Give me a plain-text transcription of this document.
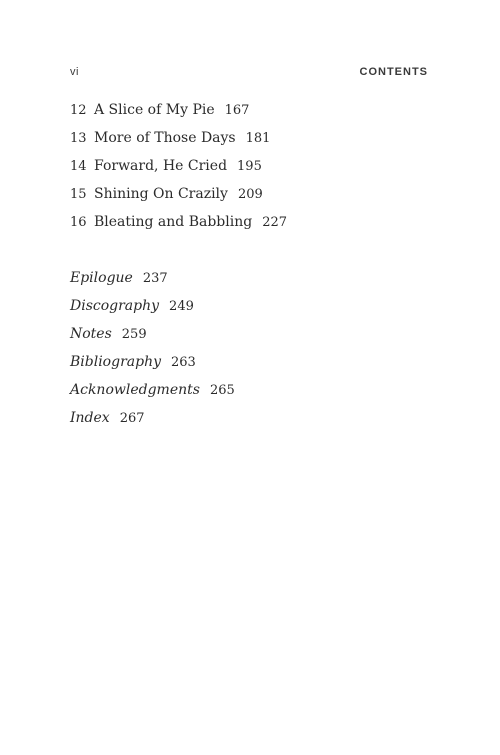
vi	CONTENTS
12 A Slice of My Pie 167
13 More of Those Days 181
14 Forward, He Cried 195
15 Shining On Crazily 209
16 Bleating and Babbling 227
Epilogue 237
Discography 249
Notes 259
Bibliography 263
Acknowledgments 265
Index 267
